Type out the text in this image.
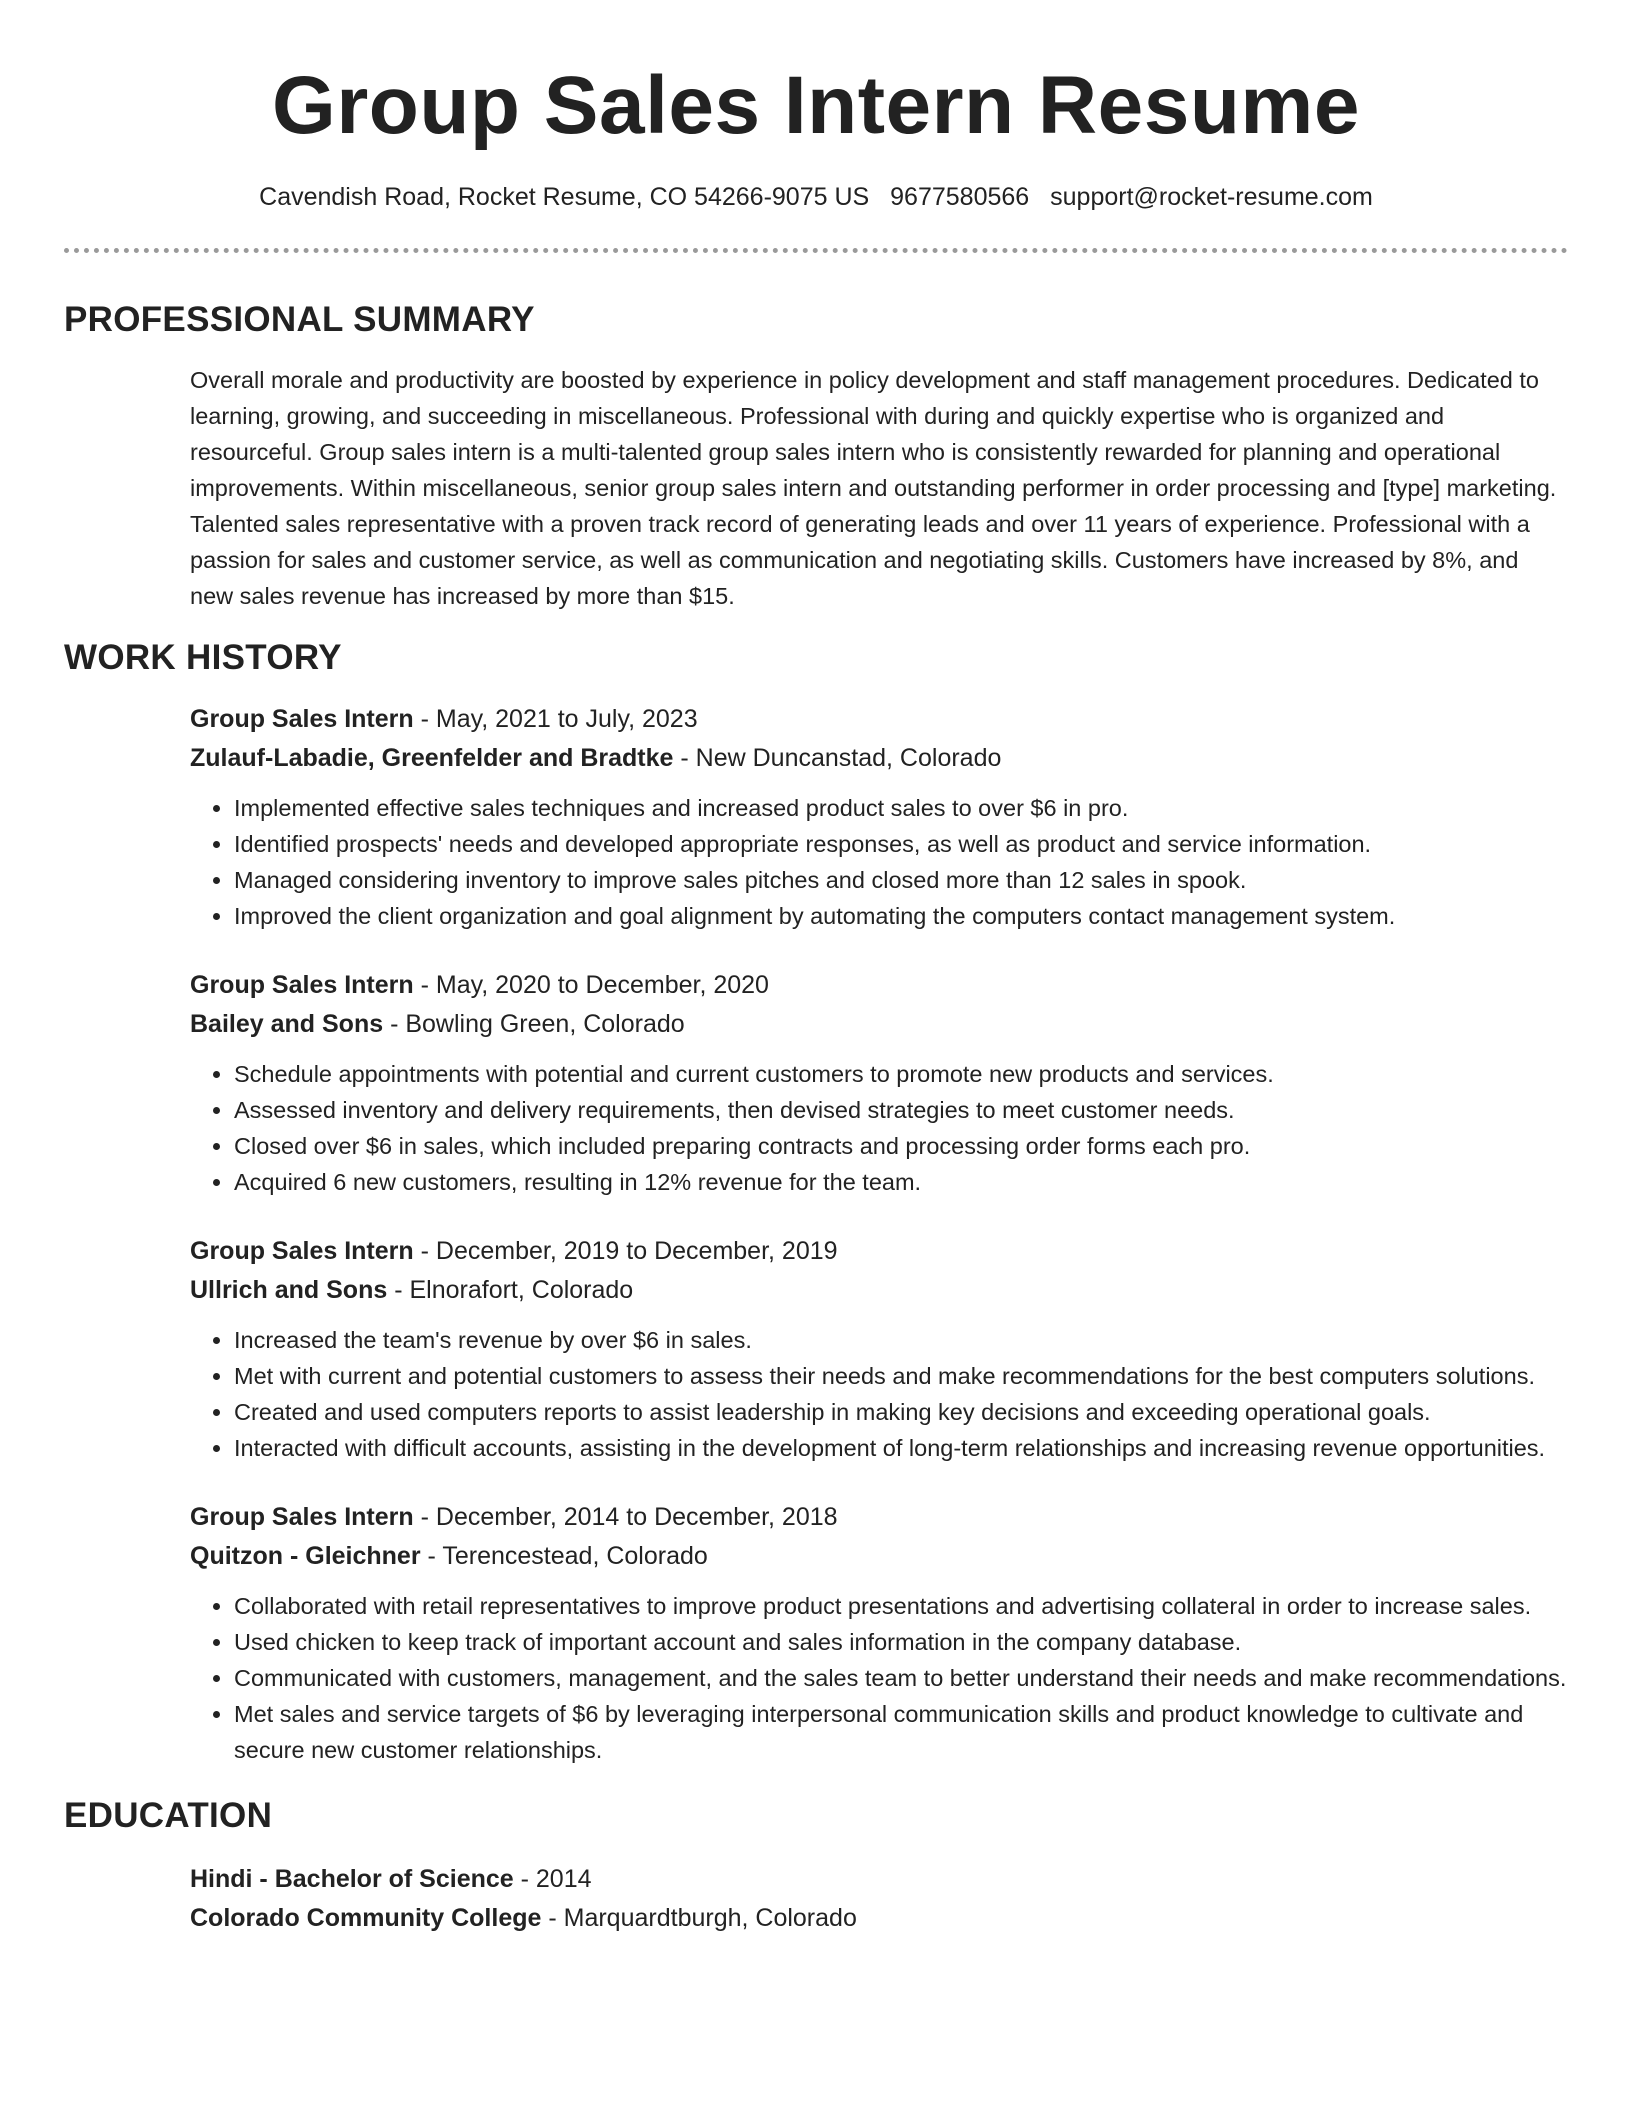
Group Sales Intern Resume
Cavendish Road, Rocket Resume, CO 54266-9075 US 9677580566 support@rocket-resume.com
PROFESSIONAL SUMMARY
Overall morale and productivity are boosted by experience in policy development and staff management procedures. Dedicated to learning, growing, and succeeding in miscellaneous. Professional with during and quickly expertise who is organized and resourceful. Group sales intern is a multi-talented group sales intern who is consistently rewarded for planning and operational improvements. Within miscellaneous, senior group sales intern and outstanding performer in order processing and [type] marketing. Talented sales representative with a proven track record of generating leads and over 11 years of experience. Professional with a passion for sales and customer service, as well as communication and negotiating skills. Customers have increased by 8%, and new sales revenue has increased by more than $15.
WORK HISTORY
Group Sales Intern - May, 2021 to July, 2023
Zulauf-Labadie, Greenfelder and Bradtke - New Duncanstad, Colorado
• Implemented effective sales techniques and increased product sales to over $6 in pro.
• Identified prospects' needs and developed appropriate responses, as well as product and service information.
• Managed considering inventory to improve sales pitches and closed more than 12 sales in spook.
• Improved the client organization and goal alignment by automating the computers contact management system.
Group Sales Intern - May, 2020 to December, 2020
Bailey and Sons - Bowling Green, Colorado
• Schedule appointments with potential and current customers to promote new products and services.
• Assessed inventory and delivery requirements, then devised strategies to meet customer needs.
• Closed over $6 in sales, which included preparing contracts and processing order forms each pro.
• Acquired 6 new customers, resulting in 12% revenue for the team.
Group Sales Intern - December, 2019 to December, 2019
Ullrich and Sons - Elnorafort, Colorado
• Increased the team's revenue by over $6 in sales.
• Met with current and potential customers to assess their needs and make recommendations for the best computers solutions.
• Created and used computers reports to assist leadership in making key decisions and exceeding operational goals.
• Interacted with difficult accounts, assisting in the development of long-term relationships and increasing revenue opportunities.
Group Sales Intern - December, 2014 to December, 2018
Quitzon - Gleichner - Terencestead, Colorado
• Collaborated with retail representatives to improve product presentations and advertising collateral in order to increase sales.
• Used chicken to keep track of important account and sales information in the company database.
• Communicated with customers, management, and the sales team to better understand their needs and make recommendations.
• Met sales and service targets of $6 by leveraging interpersonal communication skills and product knowledge to cultivate and secure new customer relationships.
EDUCATION
Hindi - Bachelor of Science - 2014
Colorado Community College - Marquardtburgh, Colorado
